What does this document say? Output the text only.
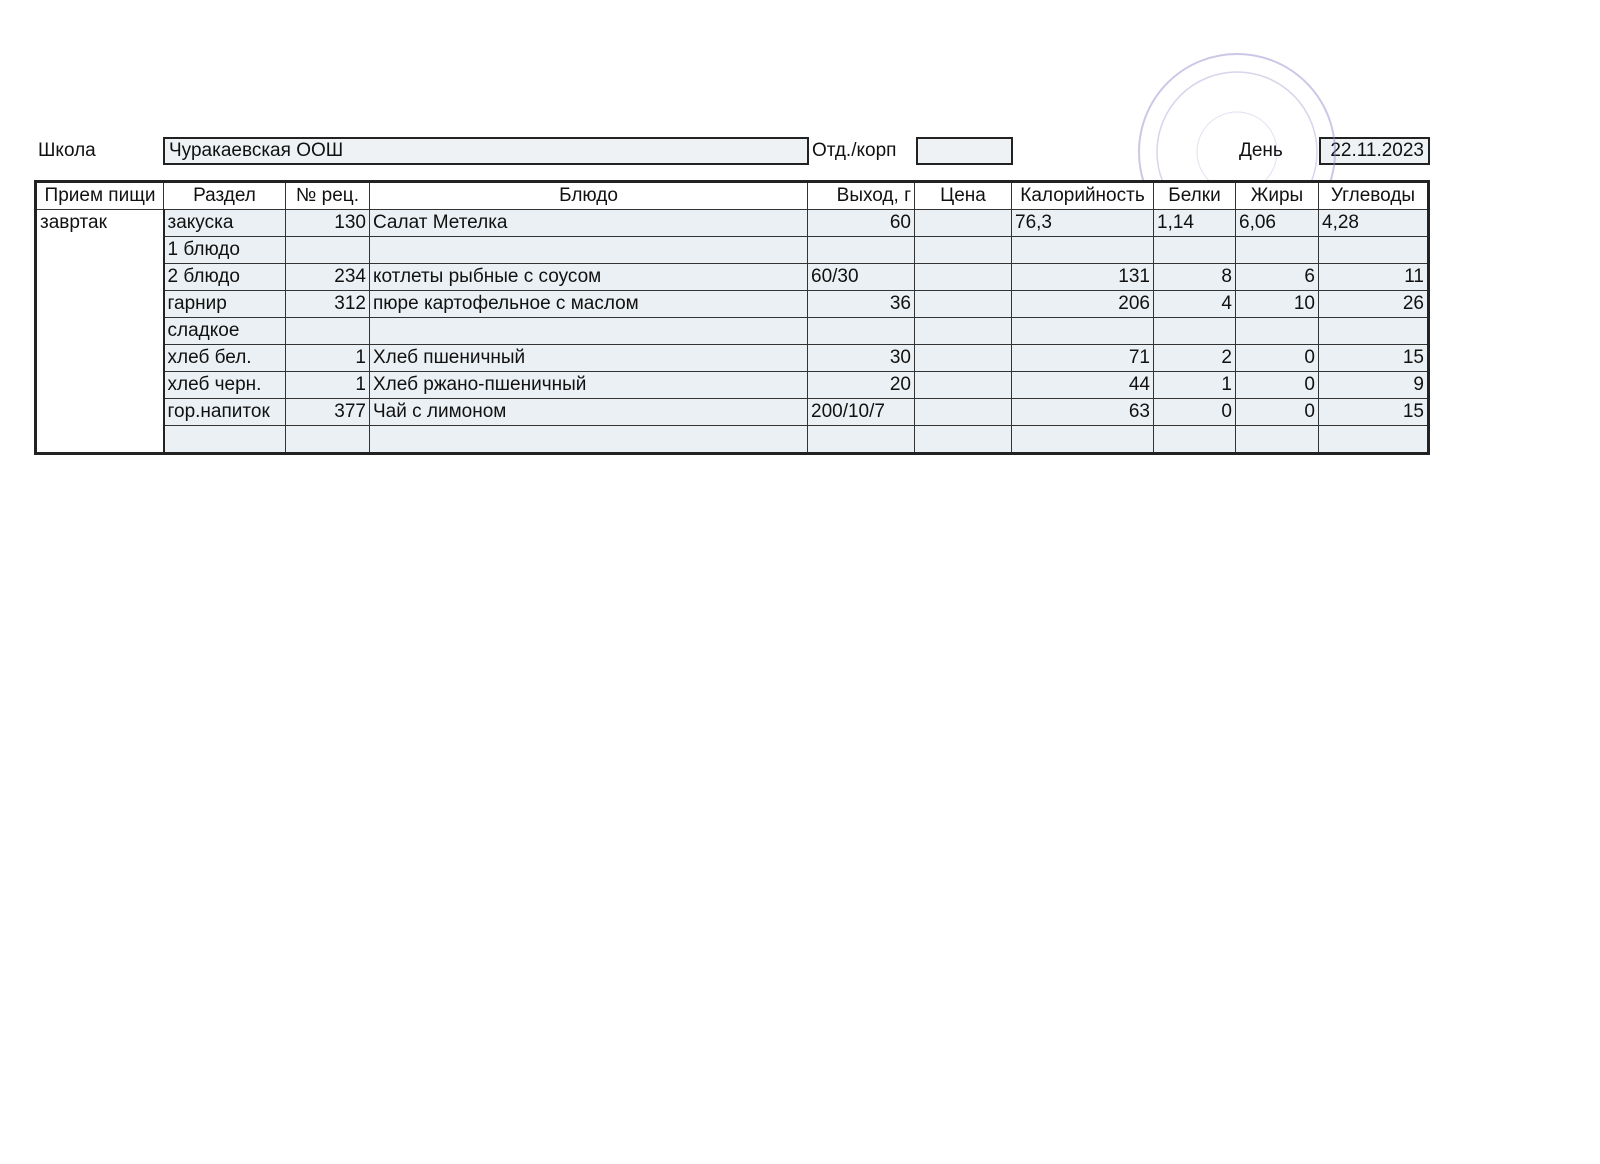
Школа	Чуракаевская ООШ	Отд./корп	День	22.11.2023
Прием пищи	Раздел	№ рец.	Блюдо	Выход, г	Цена	Калорийность	Белки	Жиры	Углеводы
завртак	закуска	130	Салат Метелка	60		76,3	1,14	6,06	4,28
	1 блюдо								
	2 блюдо	234	котлеты рыбные с соусом	60/30		131	8	6	11
	гарнир	312	пюре картофельное с маслом	36		206	4	10	26
	сладкое								
	хлеб бел.	1	Хлеб пшеничный	30		71	2	0	15
	хлеб черн.	1	Хлеб ржано-пшеничный	20		44	1	0	9
	гор.напиток	377	Чай с лимоном	200/10/7		63	0	0	15
